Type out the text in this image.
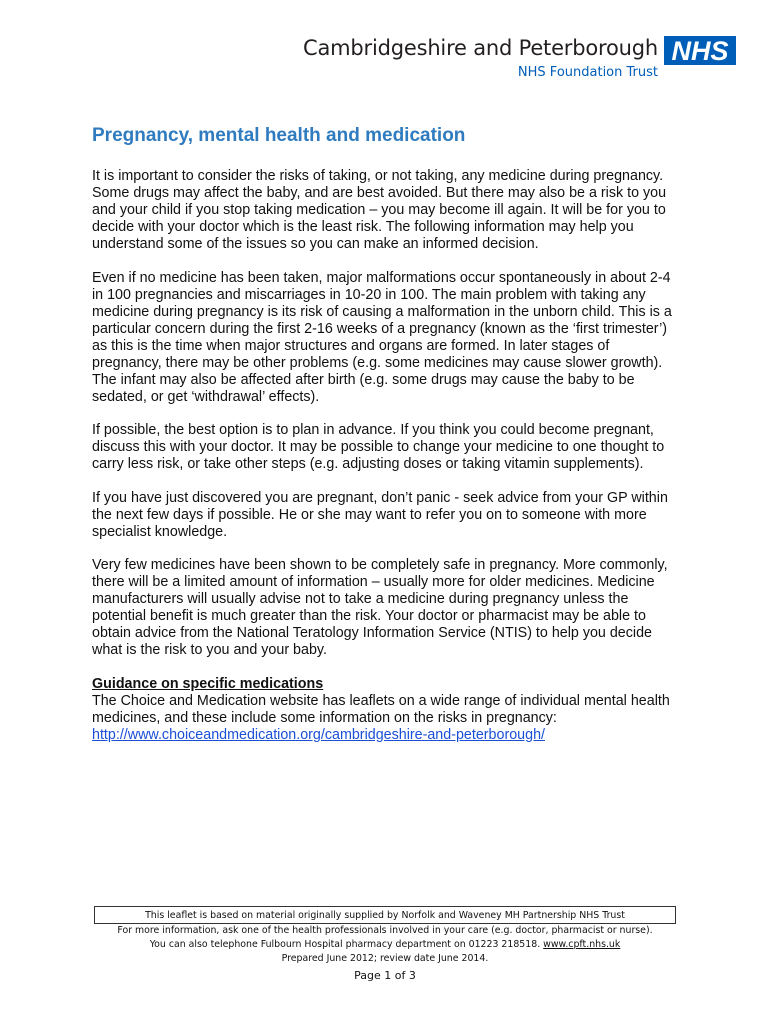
Cambridgeshire and Peterborough
NHS Foundation Trust
NHS
Pregnancy, mental health and medication

It is important to consider the risks of taking, or not taking, any medicine during pregnancy. Some drugs may affect the baby, and are best avoided. But there may also be a risk to you and your child if you stop taking medication – you may become ill again. It will be for you to decide with your doctor which is the least risk. The following information may help you understand some of the issues so you can make an informed decision.

Even if no medicine has been taken, major malformations occur spontaneously in about 2-4 in 100 pregnancies and miscarriages in 10-20 in 100. The main problem with taking any medicine during pregnancy is its risk of causing a malformation in the unborn child. This is a particular concern during the first 2-16 weeks of a pregnancy (known as the ‘first trimester’) as this is the time when major structures and organs are formed. In later stages of pregnancy, there may be other problems (e.g. some medicines may cause slower growth). The infant may also be affected after birth (e.g. some drugs may cause the baby to be sedated, or get ‘withdrawal’ effects).

If possible, the best option is to plan in advance. If you think you could become pregnant, discuss this with your doctor. It may be possible to change your medicine to one thought to carry less risk, or take other steps (e.g. adjusting doses or taking vitamin supplements).

If you have just discovered you are pregnant, don’t panic - seek advice from your GP within the next few days if possible. He or she may want to refer you on to someone with more specialist knowledge.

Very few medicines have been shown to be completely safe in pregnancy. More commonly, there will be a limited amount of information – usually more for older medicines. Medicine manufacturers will usually advise not to take a medicine during pregnancy unless the potential benefit is much greater than the risk. Your doctor or pharmacist may be able to obtain advice from the National Teratology Information Service (NTIS) to help you decide what is the risk to you and your baby.

Guidance on specific medications
The Choice and Medication website has leaflets on a wide range of individual mental health medicines, and these include some information on the risks in pregnancy:
http://www.choiceandmedication.org/cambridgeshire-and-peterborough/

This leaflet is based on material originally supplied by Norfolk and Waveney MH Partnership NHS Trust
For more information, ask one of the health professionals involved in your care (e.g. doctor, pharmacist or nurse).
You can also telephone Fulbourn Hospital pharmacy department on 01223 218518. www.cpft.nhs.uk
Prepared June 2012; review date June 2014.
Page 1 of 3
